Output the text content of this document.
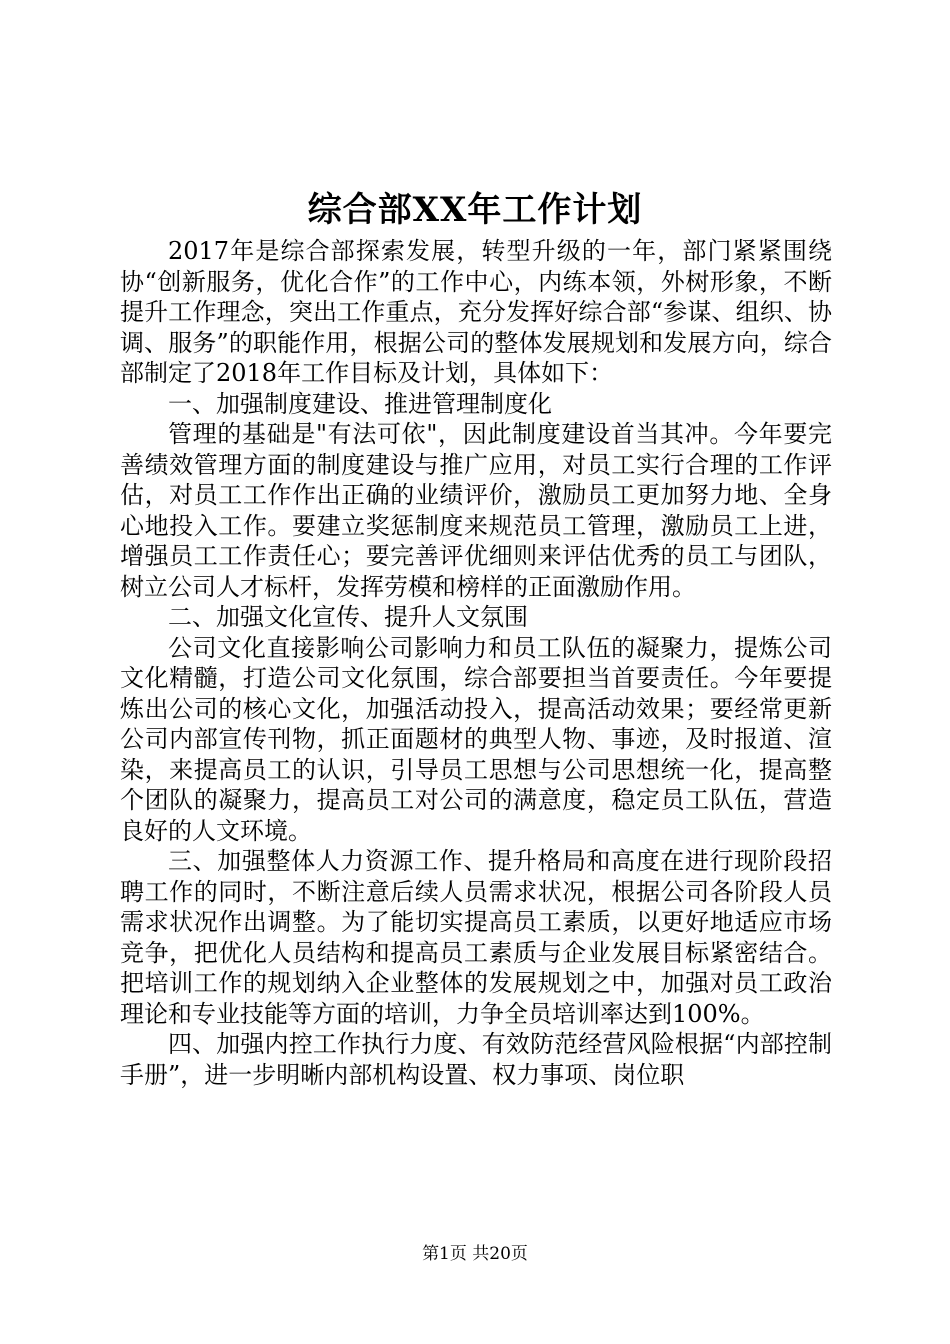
综合部XX年工作计划

2017年是综合部探索发展，转型升级的一年，部门紧紧围绕协“创新服务，优化合作”的工作中心，内练本领，外树形象，不断提升工作理念，突出工作重点，充分发挥好综合部“参谋、组织、协调、服务”的职能作用，根据公司的整体发展规划和发展方向，综合部制定了2018年工作目标及计划，具体如下：

一、加强制度建设、推进管理制度化

管理的基础是"有法可依"，因此制度建设首当其冲。今年要完善绩效管理方面的制度建设与推广应用，对员工实行合理的工作评估，对员工工作作出正确的业绩评价，激励员工更加努力地、全身心地投入工作。要建立奖惩制度来规范员工管理，激励员工上进，增强员工工作责任心；要完善评优细则来评估优秀的员工与团队，树立公司人才标杆，发挥劳模和榜样的正面激励作用。

二、加强文化宣传、提升人文氛围

公司文化直接影响公司影响力和员工队伍的凝聚力，提炼公司文化精髓，打造公司文化氛围，综合部要担当首要责任。今年要提炼出公司的核心文化，加强活动投入，提高活动效果；要经常更新公司内部宣传刊物，抓正面题材的典型人物、事迹，及时报道、渲染，来提高员工的认识，引导员工思想与公司思想统一化，提高整个团队的凝聚力，提高员工对公司的满意度，稳定员工队伍，营造良好的人文环境。

三、加强整体人力资源工作、提升格局和高度在进行现阶段招聘工作的同时，不断注意后续人员需求状况，根据公司各阶段人员需求状况作出调整。为了能切实提高员工素质，以更好地适应市场竞争，把优化人员结构和提高员工素质与企业发展目标紧密结合。把培训工作的规划纳入企业整体的发展规划之中，加强对员工政治理论和专业技能等方面的培训，力争全员培训率达到100%。

四、加强内控工作执行力度、有效防范经营风险根据“内部控制手册”，进一步明晰内部机构设置、权力事项、岗位职

第1页 共20页
